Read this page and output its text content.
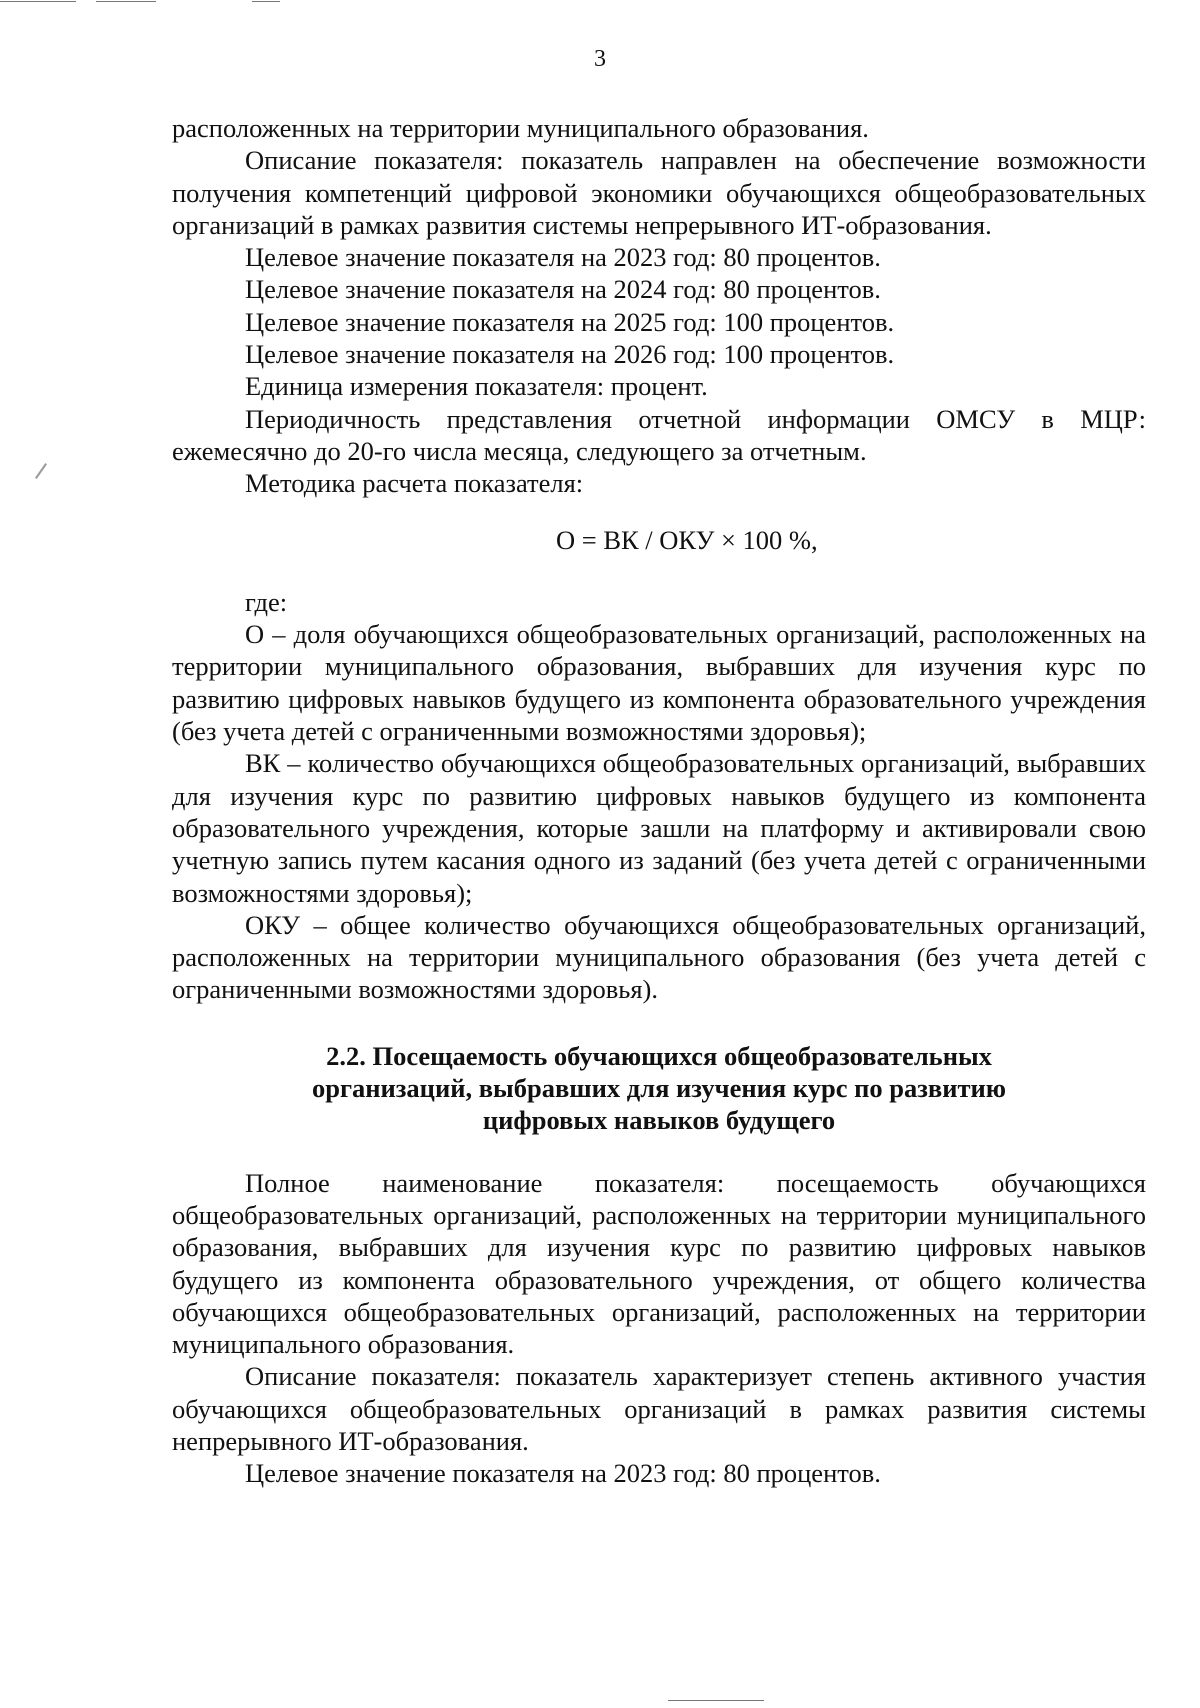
3

расположенных на территории муниципального образования.

Описание показателя: показатель направлен на обеспечение возможности получения компетенций цифровой экономики обучающихся общеобразовательных организаций в рамках развития системы непрерывного ИТ-образования.

Целевое значение показателя на 2023 год: 80 процентов.

Целевое значение показателя на 2024 год: 80 процентов.

Целевое значение показателя на 2025 год: 100 процентов.

Целевое значение показателя на 2026 год: 100 процентов.

Единица измерения показателя: процент.

Периодичность представления отчетной информации ОМСУ в МЦР: ежемесячно до 20-го числа месяца, следующего за отчетным.

Методика расчета показателя:

О = ВК / ОКУ × 100 %,

где:

О – доля обучающихся общеобразовательных организаций, расположенных на территории муниципального образования, выбравших для изучения курс по развитию цифровых навыков будущего из компонента образовательного учреждения (без учета детей с ограниченными возможностями здоровья);

ВК – количество обучающихся общеобразовательных организаций, выбравших для изучения курс по развитию цифровых навыков будущего из компонента образовательного учреждения, которые зашли на платформу и активировали свою учетную запись путем касания одного из заданий (без учета детей с ограниченными возможностями здоровья);

ОКУ – общее количество обучающихся общеобразовательных организаций, расположенных на территории муниципального образования (без учета детей с ограниченными возможностями здоровья).

2.2. Посещаемость обучающихся общеобразовательных
организаций, выбравших для изучения курс по развитию
цифровых навыков будущего

Полное наименование показателя: посещаемость обучающихся общеобразовательных организаций, расположенных на территории муниципального образования, выбравших для изучения курс по развитию цифровых навыков будущего из компонента образовательного учреждения, от общего количества обучающихся общеобразовательных организаций, расположенных на территории муниципального образования.

Описание показателя: показатель характеризует степень активного участия обучающихся общеобразовательных организаций в рамках развития системы непрерывного ИТ-образования.

Целевое значение показателя на 2023 год: 80 процентов.
